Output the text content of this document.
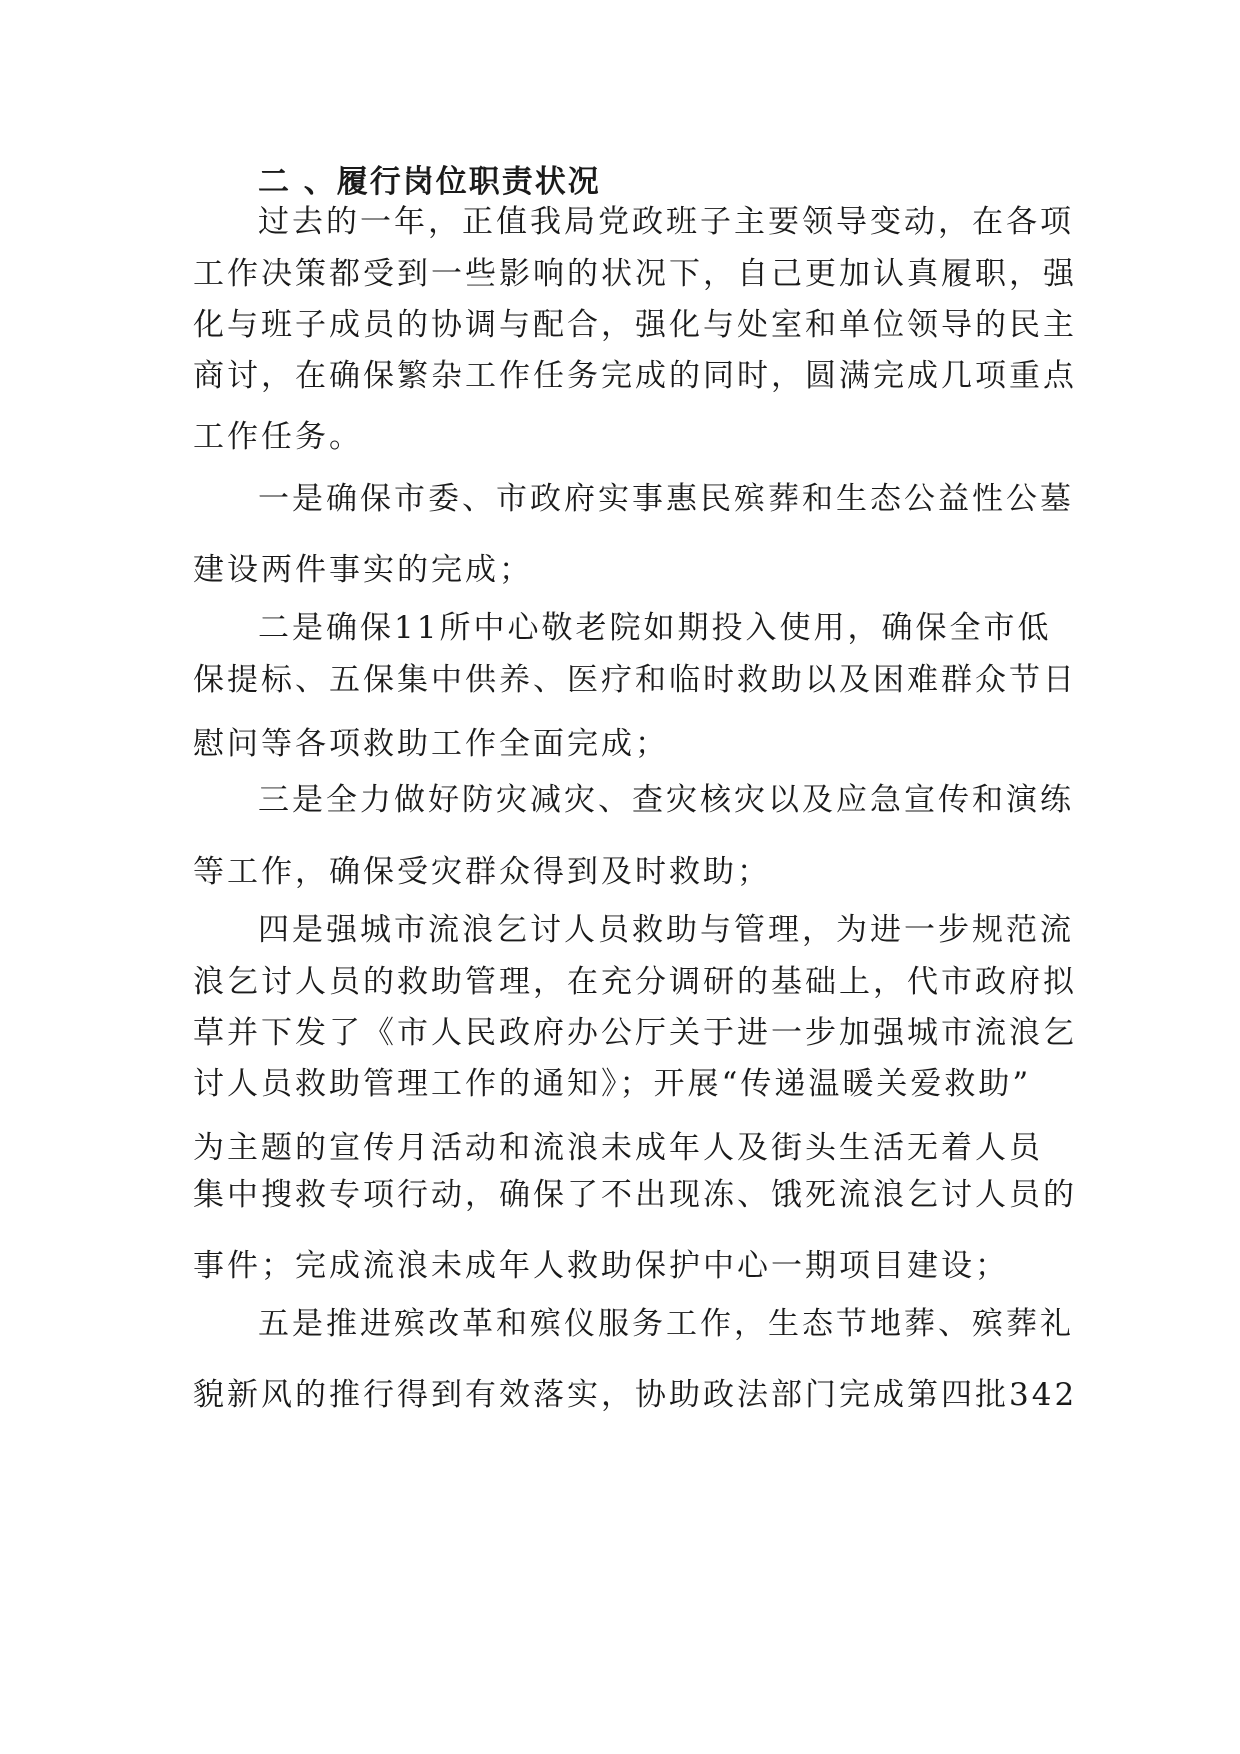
二 、履行岗位职责状况
过去的一年，正值我局党政班子主要领导变动，在各项
工作决策都受到一些影响的状况下，自己更加认真履职，强
化与班子成员的协调与配合，强化与处室和单位领导的民主
商讨，在确保繁杂工作任务完成的同时，圆满完成几项重点
工作任务。
一是确保市委、市政府实事惠民殡葬和生态公益性公墓
建设两件事实的完成；
二是确保11所中心敬老院如期投入使用，确保全市低
保提标、五保集中供养、医疗和临时救助以及困难群众节日
慰问等各项救助工作全面完成；
三是全力做好防灾减灾、查灾核灾以及应急宣传和演练
等工作，确保受灾群众得到及时救助；
四是强城市流浪乞讨人员救助与管理，为进一步规范流
浪乞讨人员的救助管理，在充分调研的基础上，代市政府拟
草并下发了《市人民政府办公厅关于进一步加强城市流浪乞
讨人员救助管理工作的通知》；开展“传递温暖关爱救助”
为主题的宣传月活动和流浪未成年人及街头生活无着人员
集中搜救专项行动，确保了不出现冻、饿死流浪乞讨人员的
事件；完成流浪未成年人救助保护中心一期项目建设；
五是推进殡改革和殡仪服务工作，生态节地葬、殡葬礼
貌新风的推行得到有效落实，协助政法部门完成第四批342
